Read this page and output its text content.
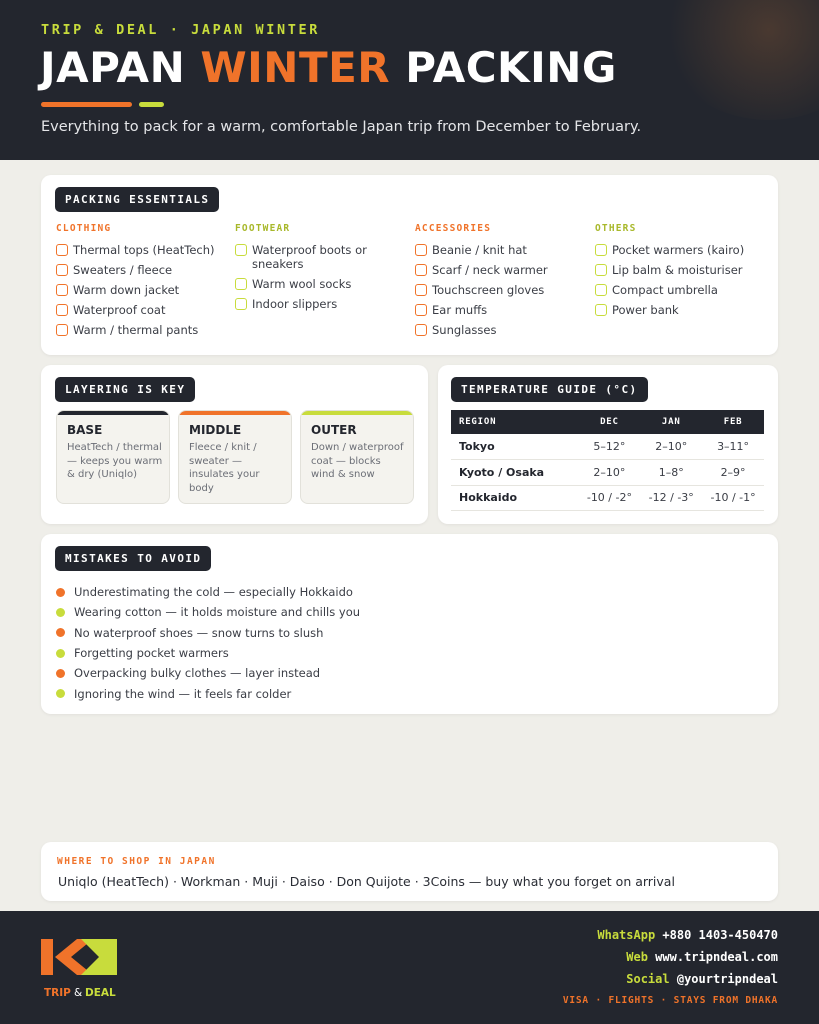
TRIP & DEAL · JAPAN WINTER
JAPAN WINTER PACKING
Everything to pack for a warm, comfortable Japan trip from December to February.
PACKING ESSENTIALS
CLOTHING
Thermal tops (HeatTech)
Sweaters / fleece
Warm down jacket
Waterproof coat
Warm / thermal pants
FOOTWEAR
Waterproof boots or sneakers
Warm wool socks
Indoor slippers
ACCESSORIES
Beanie / knit hat
Scarf / neck warmer
Touchscreen gloves
Ear muffs
Sunglasses
OTHERS
Pocket warmers (kairo)
Lip balm & moisturiser
Compact umbrella
Power bank
LAYERING IS KEY
BASE
HeatTech / thermal — keeps you warm & dry (Uniqlo)
MIDDLE
Fleece / knit / sweater — insulates your body
OUTER
Down / waterproof coat — blocks wind & snow
TEMPERATURE GUIDE (°C)
REGION	DEC	JAN	FEB
Tokyo	5–12°	2–10°	3–11°
Kyoto / Osaka	2–10°	1–8°	2–9°
Hokkaido	-10 / -2°	-12 / -3°	-10 / -1°
MISTAKES TO AVOID
Underestimating the cold — especially Hokkaido
Wearing cotton — it holds moisture and chills you
No waterproof shoes — snow turns to slush
Forgetting pocket warmers
Overpacking bulky clothes — layer instead
Ignoring the wind — it feels far colder
WHERE TO SHOP IN JAPAN
Uniqlo (HeatTech) · Workman · Muji · Daiso · Don Quijote · 3Coins — buy what you forget on arrival
TRIP & DEAL
WhatsApp +880 1403-450470
Web www.tripndeal.com
Social @yourtripndeal
VISA · FLIGHTS · STAYS FROM DHAKA
